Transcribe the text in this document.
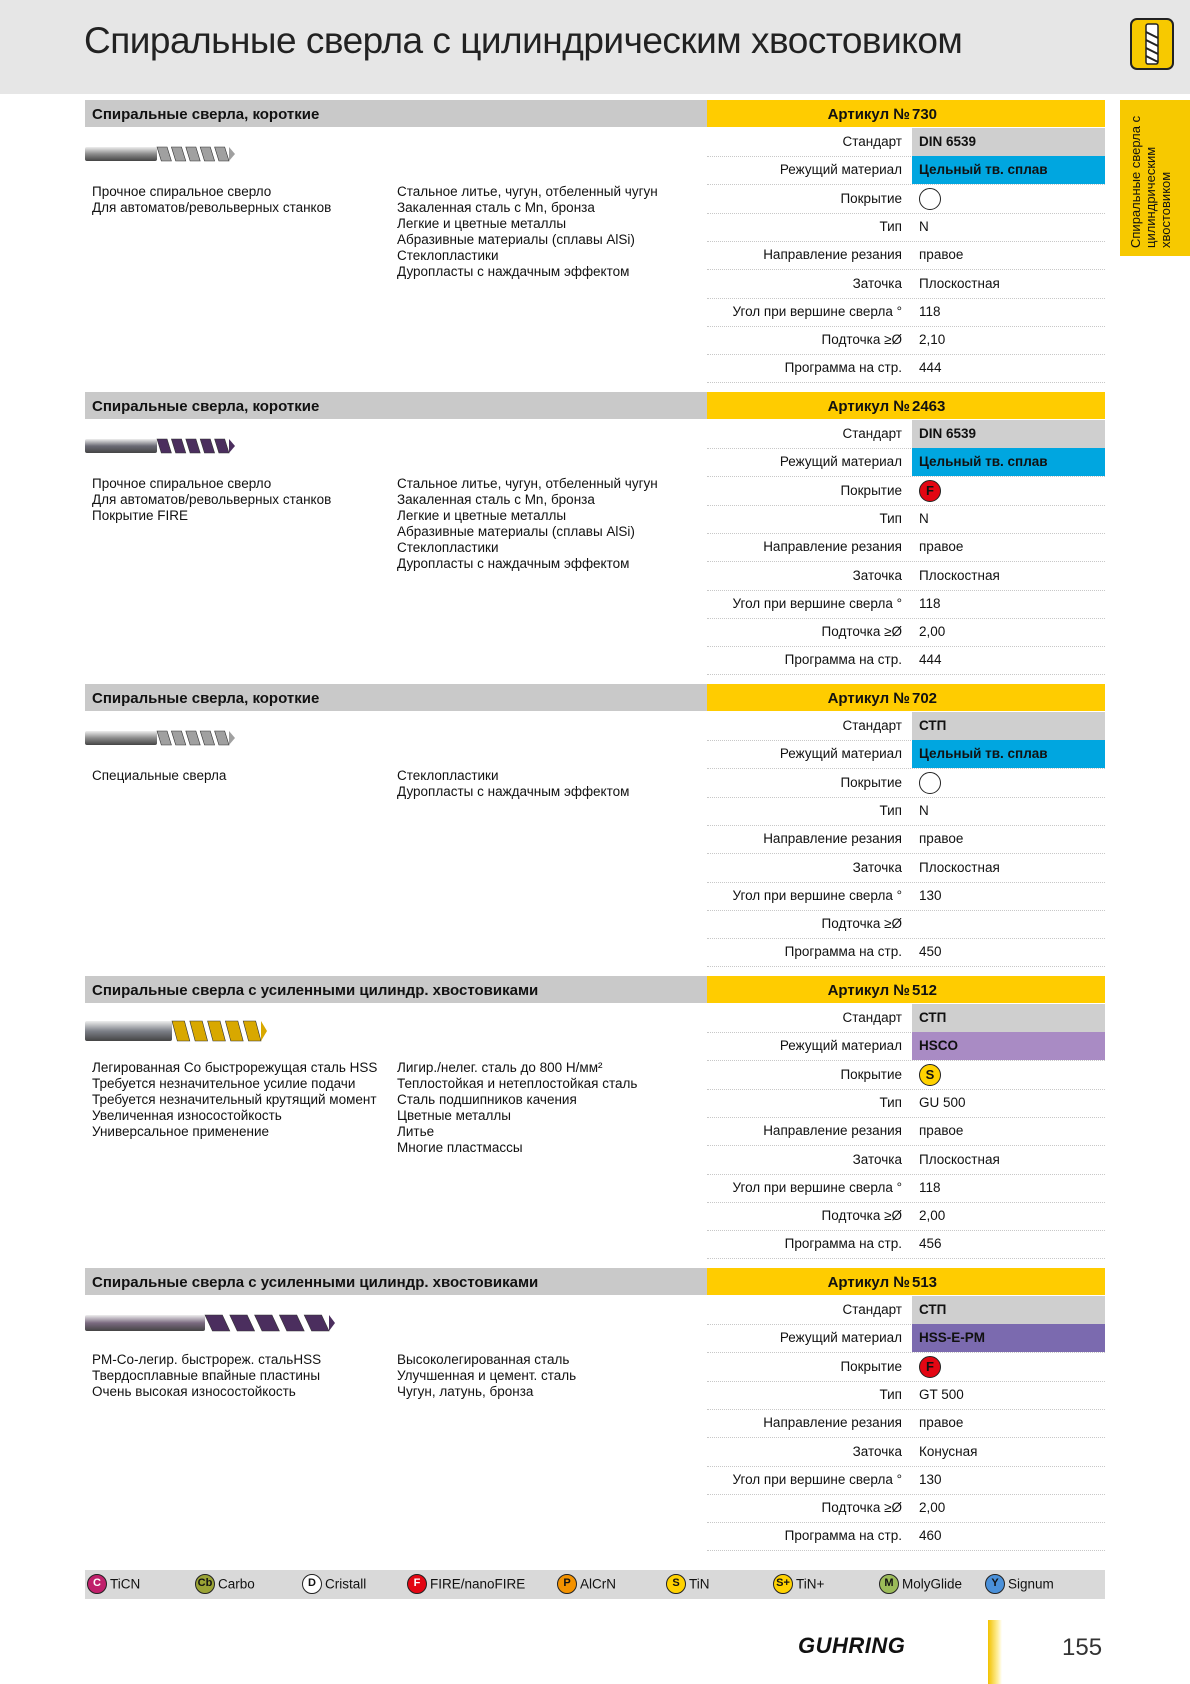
Спиральные сверла с цилиндрическим хвостовиком
Спиральные сверла с цилиндрическим хвостовиком
Спиральные сверла, короткие	Артикул № 730
Стандарт DIN 6539
Режущий материал Цельный тв. сплав
Покрытие
Тип N
Направление резания правое
Заточка Плоскостная
Угол при вершине сверла ° 118
Подточка ≥Ø 2,10
Программа на стр. 444
Прочное спиральное сверло
Для автоматов/револьверных станков
Стальное литье, чугун, отбеленный чугун
Закаленная сталь с Mn, бронза
Легкие и цветные металлы
Абразивные материалы (сплавы AlSi)
Стеклопластики
Дуропласты с наждачным эффектом
Спиральные сверла, короткие	Артикул № 2463
Стандарт DIN 6539
Режущий материал Цельный тв. сплав
Покрытие	F
Тип N
Направление резания правое
Заточка Плоскостная
Угол при вершине сверла ° 118
Подточка ≥Ø 2,00
Программа на стр. 444
Прочное спиральное сверло
Для автоматов/револьверных станков
Покрытие FIRE
Стальное литье, чугун, отбеленный чугун
Закаленная сталь с Mn, бронза
Легкие и цветные металлы
Абразивные материалы (сплавы AlSi)
Стеклопластики
Дуропласты с наждачным эффектом
Спиральные сверла, короткие	Артикул № 702
Стандарт СТП
Режущий материал Цельный тв. сплав
Покрытие
Тип N
Направление резания правое
Заточка Плоскостная
Угол при вершине сверла ° 130
Подточка ≥Ø
Программа на стр. 450
Специальные сверла	Стеклопластики
Дуропласты с наждачным эффектом
Спиральные сверла с усиленными цилиндр. хвостовиками	Артикул № 512
Стандарт СТП
Режущий материал HSCO
Покрытие	S
Тип GU 500
Направление резания правое
Заточка Плоскостная
Угол при вершине сверла ° 118
Подточка ≥Ø 2,00
Программа на стр. 456
Легированная Co быстрорежущая сталь HSS
Требуется незначительное усилие подачи
Требуется незначительный крутящий момент
Увеличенная износостойкость
Универсальное применение
Лигир./нелег. сталь до 800 Н/мм²
Теплостойкая и нетеплостойкая сталь
Сталь подшипников качения
Цветные металлы
Литье
Многие пластмассы
Спиральные сверла с усиленными цилиндр. хвостовиками	Артикул № 513
Стандарт СТП
Режущий материал HSS-E-PM
Покрытие	F
Тип GT 500
Направление резания правое
Заточка Конусная
Угол при вершине сверла ° 130
Подточка ≥Ø 2,00
Программа на стр. 460
PM-Co-легир. быстрореж. стальHSS
Твердосплавные впайные пластины
Очень высокая износостойкость
Высоколегированная сталь
Улучшенная и цемент. сталь
Чугун, латунь, бронза
C TiCN	Cb Carbo	D Cristall	F FIRE/nanoFIRE	P AlCrN	S TiN	S+ TiN+	M MolyGlide	Y Signum
GUHRING	155
